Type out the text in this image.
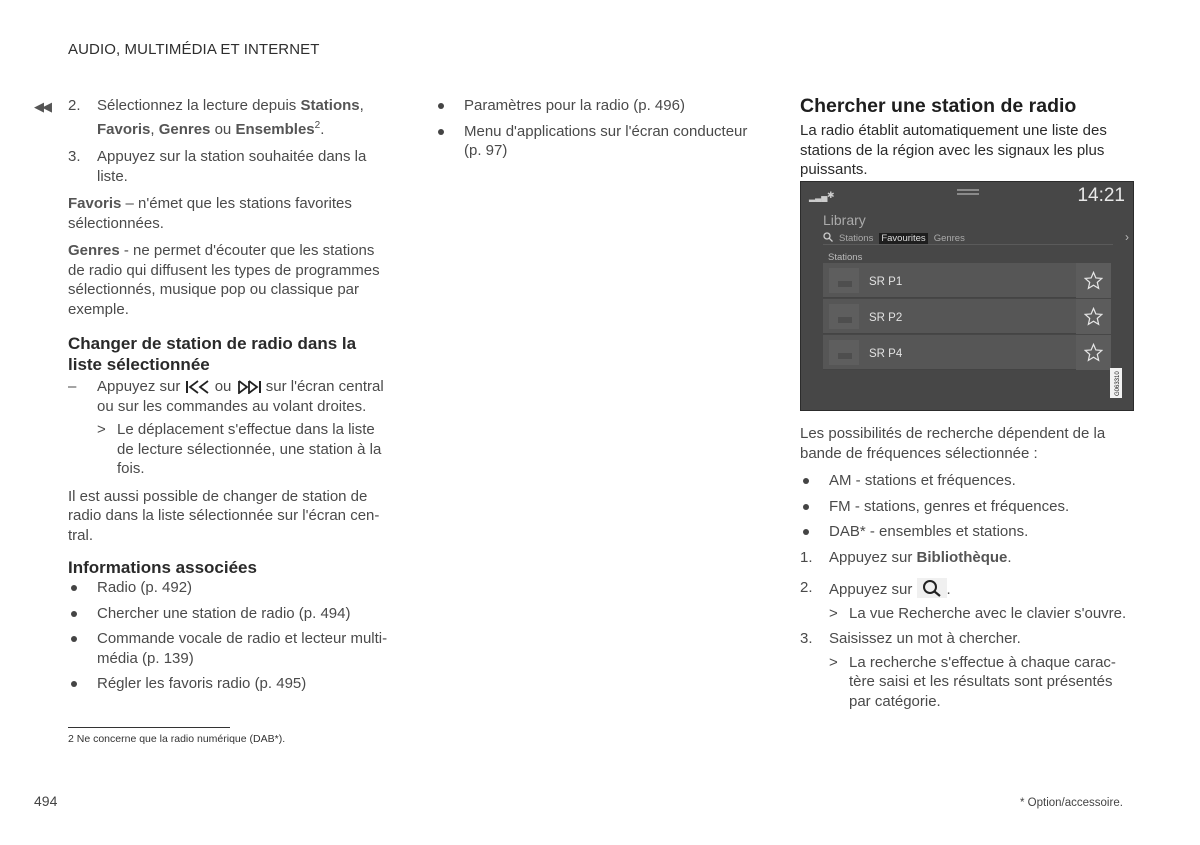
AUDIO, MULTIMÉDIA ET INTERNET
◀◀ 2. Sélectionnez la lecture depuis Stations,
Favoris, Genres ou Ensembles$^2$.
3. Appuyez sur la station souhaitée dans la liste.
Favoris – n'émet que les stations favorites sélectionnées.
Genres - ne permet d'écouter que les stations de radio qui diffusent les types de programmes sélectionnés, musique pop ou classique par exemple.
Changer de station de radio dans la liste sélectionnée
– Appuyez sur  ou  sur l'écran central ou sur les commandes au volant droites.
> Le déplacement s'effectue dans la liste de lecture sélectionnée, une station à la fois.
Il est aussi possible de changer de station de radio dans la liste sélectionnée sur l'écran cen-tral.
Informations associées
Radio (p. 492)
Chercher une station de radio (p. 494)
Commande vocale de radio et lecteur multi-média (p. 139)
Régler les favoris radio (p. 495)
Paramètres pour la radio (p. 496)
Menu d'applications sur l'écran conducteur (p. 97)
Chercher une station de radio
La radio établit automatiquement une liste des stations de la région avec les signaux les plus puissants.
▂▃▅ ✱	14:21
Library
Stations Favourites Genres	›
Stations
SR P1
SR P2
SR P4
G063310
Les possibilités de recherche dépendent de la bande de fréquences sélectionnée :
AM - stations et fréquences.
FM - stations, genres et fréquences.
DAB* - ensembles et stations.
1. Appuyez sur Bibliothèque.
2. Appuyez sur .
> La vue Recherche avec le clavier s'ouvre.
3. Saisissez un mot à chercher.
> La recherche s'effectue à chaque carac-tère saisi et les résultats sont présentés par catégorie.
2 Ne concerne que la radio numérique (DAB*).
494	* Option/accessoire.
